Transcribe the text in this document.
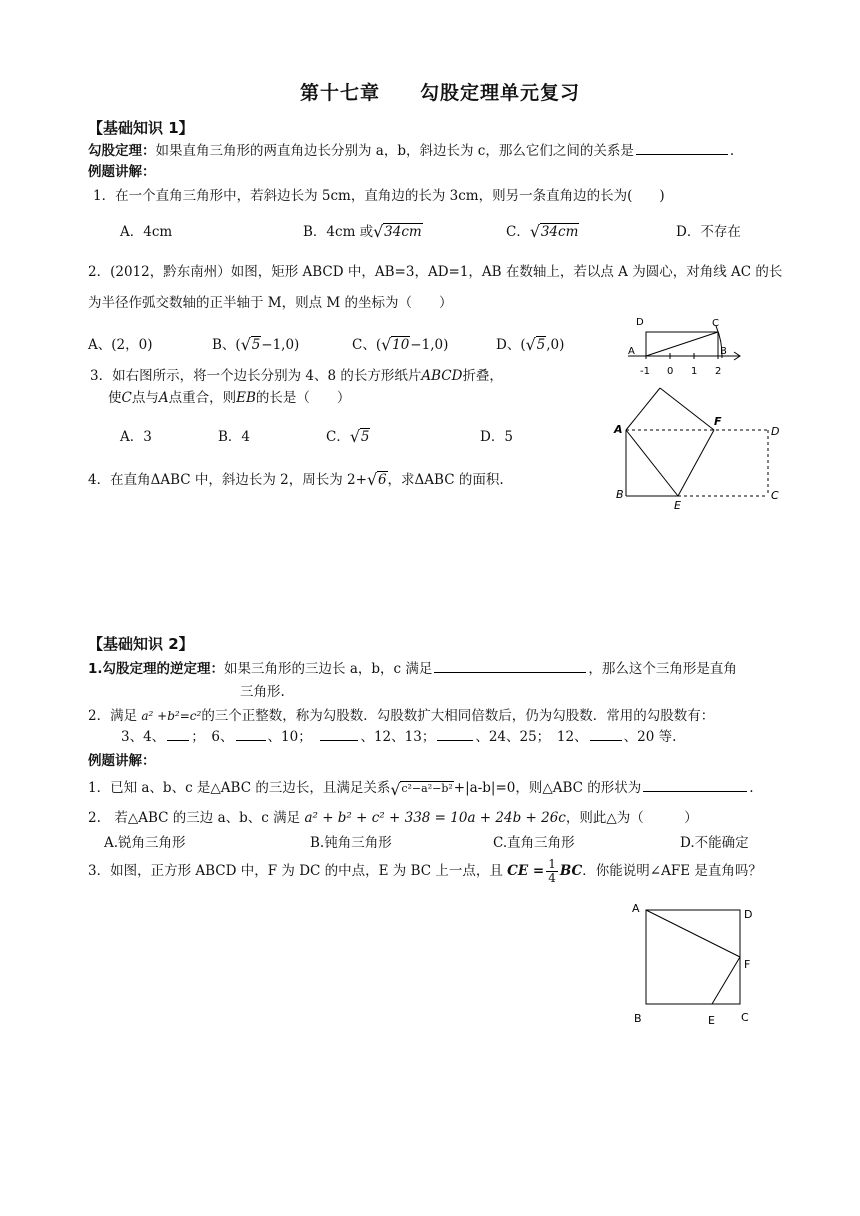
第十七章　　勾股定理单元复习
【基础知识 1】
勾股定理：如果直角三角形的两直角边长分别为 a，b，斜边长为 c，那么它们之间的关系是	.
例题讲解：
1．在一个直角三角形中，若斜边长为 5cm，直角边的长为 3cm，则另一条直角边的长为(　　)
A．4cm	B．4cm 或 √ 34cm	C． √ 34cm	D．不存在
2．(2012，黔东南州）如图，矩形 ABCD 中，AB=3，AD=1，AB 在数轴上，若以点 A 为圆心，对角线 AC 的长
为半径作弧交数轴的正半轴于 M，则点 M 的坐标为（　　）
A、(2，0)	B、( √ 5−1,0)	C、( √ 10−1,0)	D、( √ 5,0)
3．如右图所示，将一个边长分别为 4、8 的长方形纸片ABCD折叠，
使C点与A点重合，则EB的长是（　　）
A．3	B．4	C． √ 5	D．5
4．在直角ΔABC 中，斜边长为 2，周长为 2+ √ 6，求ΔABC 的面积.
D	C
A	B
-1 0 1 2
A
F
D
B
E
C
【基础知识 2】
1.勾股定理的逆定理：如果三角形的三边长 a，b，c 满足	，那么这个三角形是直角
三角形.
2．满足 a² +b²=c²的三个正整数，称为勾股数．勾股数扩大相同倍数后，仍为勾股数．常用的勾股数有：
3、4、 ；　6、	、10；　	、12、13；	、24、25；　12、	、20 等.
例题讲解：
1．已知 a、b、c 是△ABC 的三边长，且满足关系 √ c²−a²−b²+|a-b|=0，则△ABC 的形状为	.
2.　若△ABC 的三边 a、b、c 满足 a² + b² + c² + 338 = 10a + 24b + 26c，则此△为（　　　）
A.锐角三角形	B.钝角三角形	C.直角三角形	D.不能确定
3．如图，正方形 ABCD 中，F 为 DC 的中点，E 为 BC 上一点，且 CE = $\frac{1}{4}$ BC．你能说明∠AFE 是直角吗？
A	D
F
B	E C
